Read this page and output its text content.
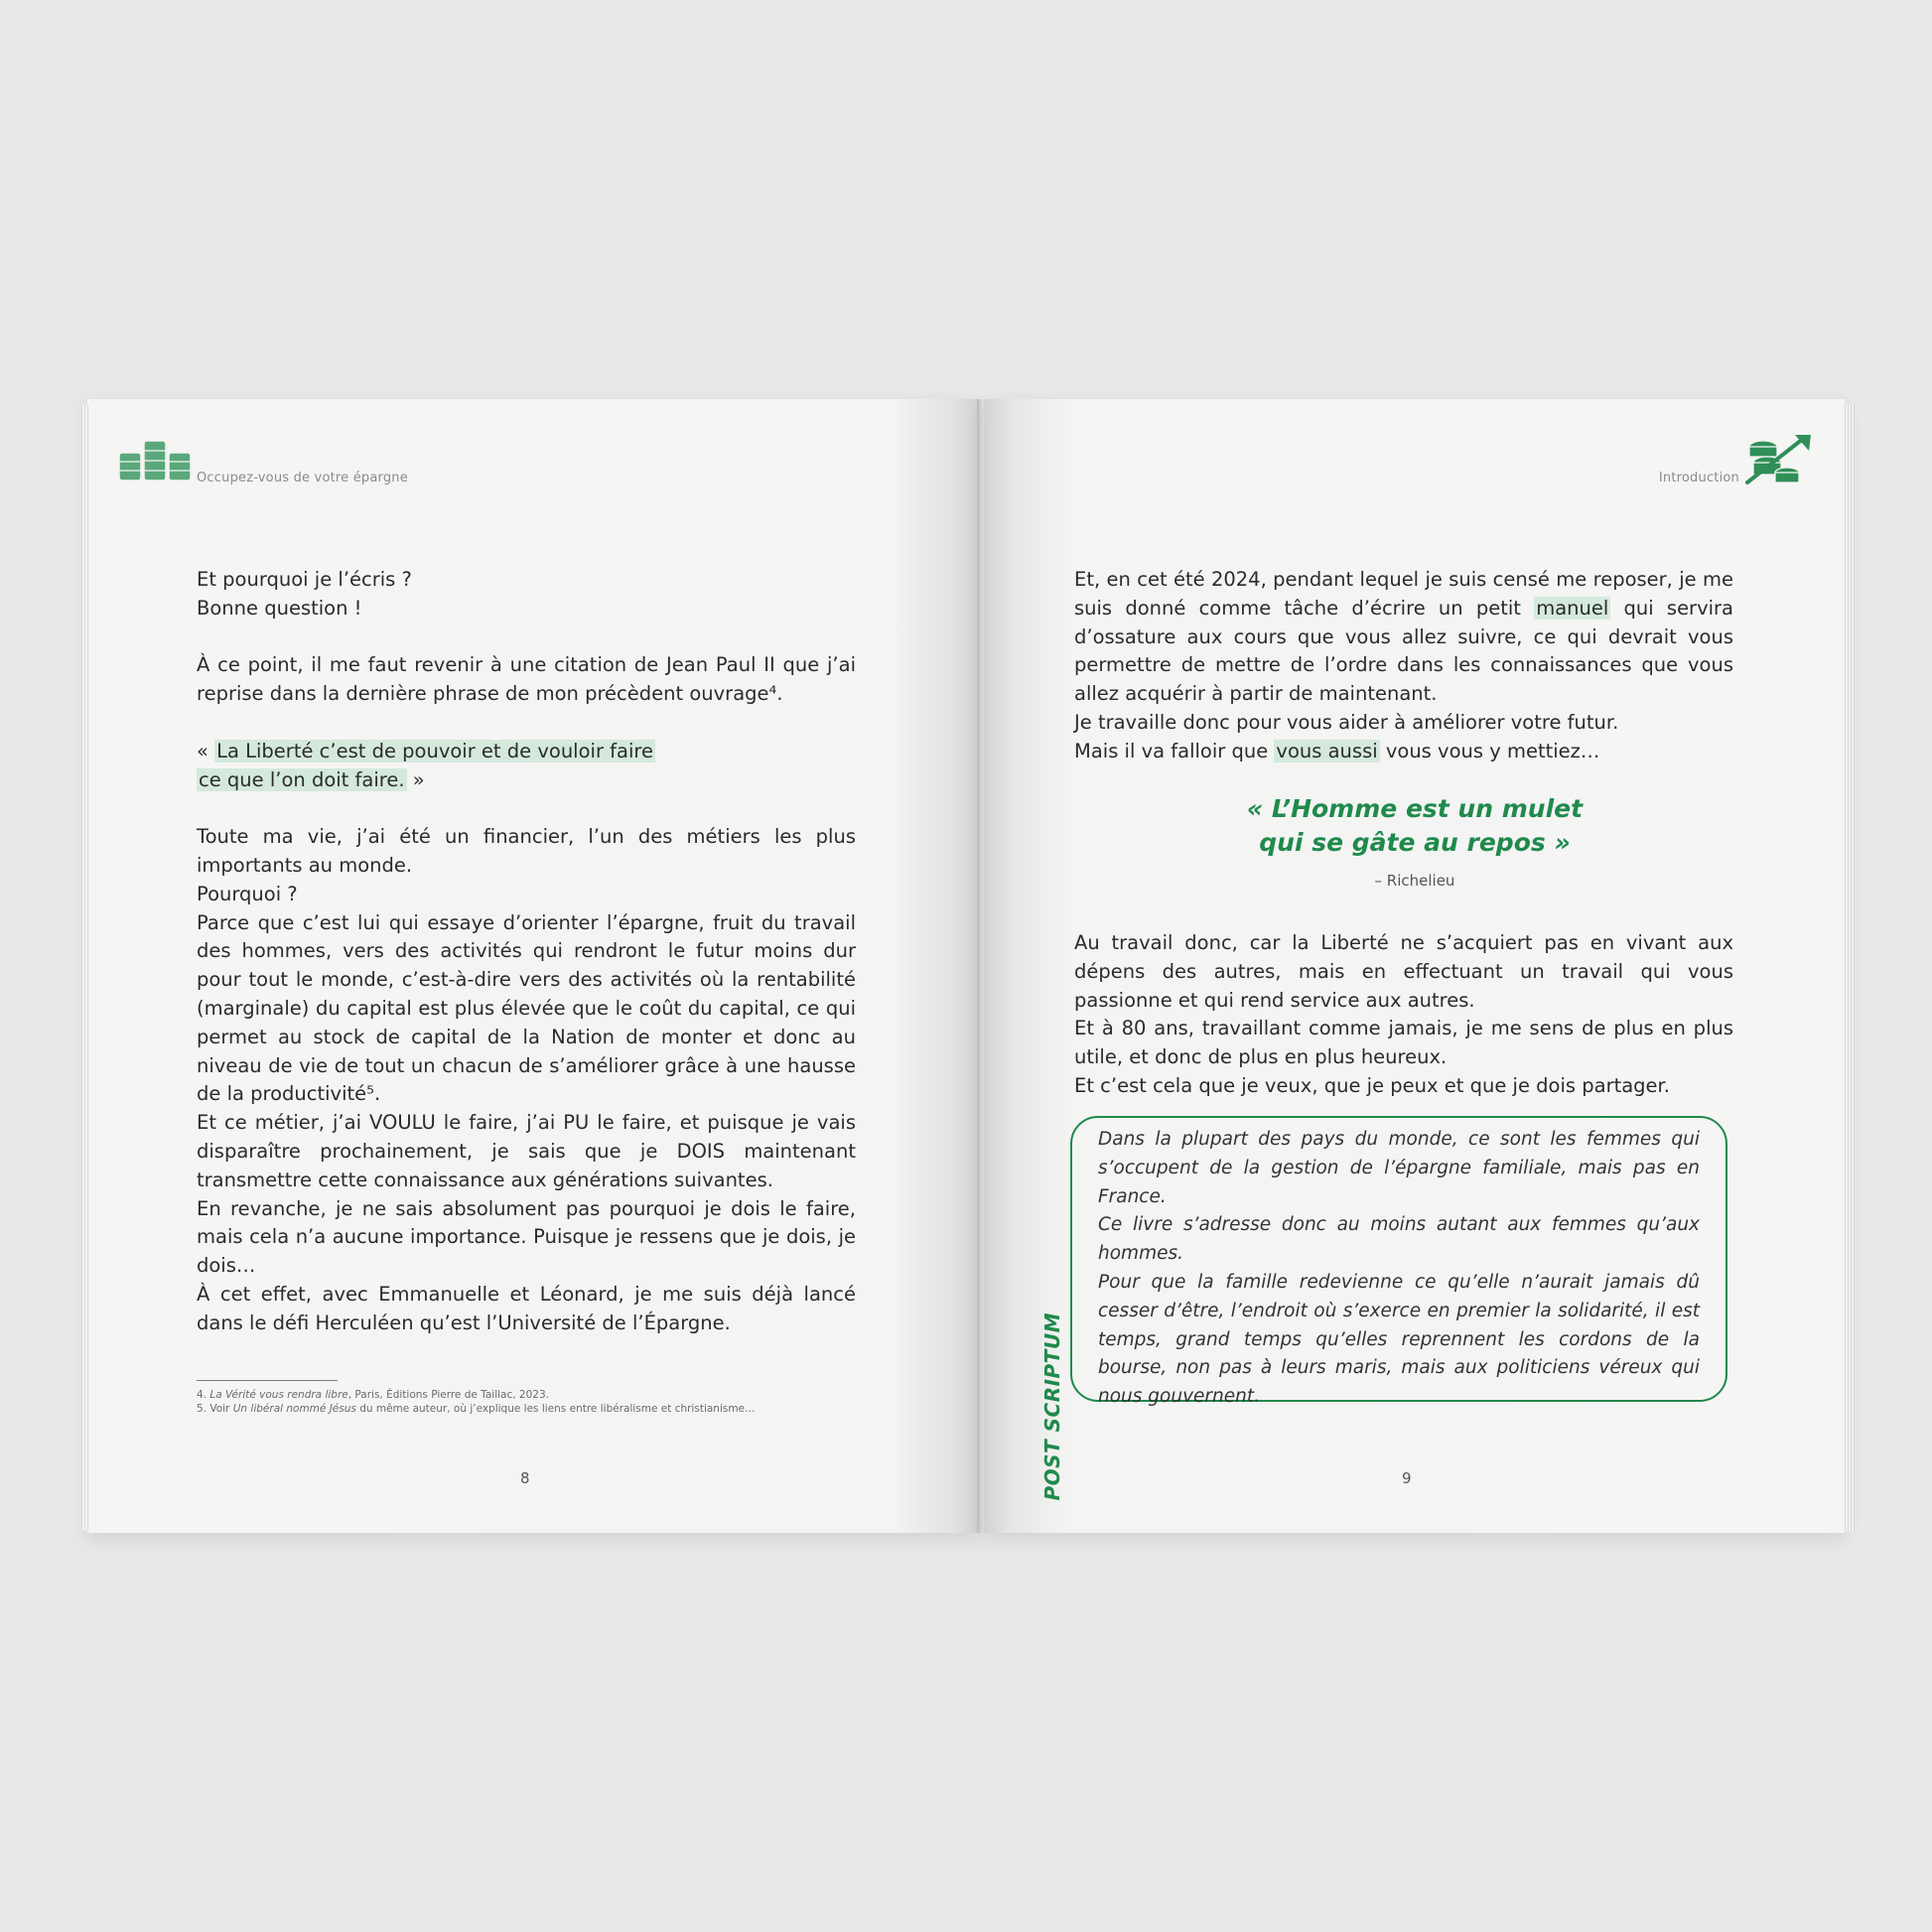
Occupez-vous de votre épargne

Et pourquoi je l’écris ?

Bonne question !

À ce point, il me faut revenir à une citation de Jean Paul II que j’ai reprise dans la dernière phrase de mon précèdent ouvrage⁴.

« La Liberté c’est de pouvoir et de vouloir faire
ce que l’on doit faire. »

Toute ma vie, j’ai été un financier, l’un des métiers les plus importants au monde.

Pourquoi ?

Parce que c’est lui qui essaye d’orienter l’épargne, fruit du travail des hommes, vers des activités qui rendront le futur moins dur pour tout le monde, c’est-à-dire vers des activités où la rentabilité (marginale) du capital est plus élevée que le coût du capital, ce qui permet au stock de capital de la Nation de monter et donc au niveau de vie de tout un chacun de s’améliorer grâce à une hausse de la productivité⁵.

Et ce métier, j’ai VOULU le faire, j’ai PU le faire, et puisque je vais disparaître prochainement, je sais que je DOIS maintenant transmettre cette connaissance aux générations suivantes.

En revanche, je ne sais absolument pas pourquoi je dois le faire, mais cela n’a aucune importance. Puisque je ressens que je dois, je dois…

À cet effet, avec Emmanuelle et Léonard, je me suis déjà lancé dans le défi Herculéen qu’est l’Université de l’Épargne.

4. La Vérité vous rendra libre, Paris, Éditions Pierre de Taillac, 2023.
5. Voir Un libéral nommé Jésus du même auteur, où j’explique les liens entre libéralisme et christianisme…
8
Introduction

Et, en cet été 2024, pendant lequel je suis censé me reposer, je me suis donné comme tâche d’écrire un petit manuel qui servira d’ossature aux cours que vous allez suivre, ce qui devrait vous permettre de mettre de l’ordre dans les connaissances que vous allez acquérir à partir de maintenant.

Je travaille donc pour vous aider à améliorer votre futur.

Mais il va falloir que vous aussi vous vous y mettiez…

« L’Homme est un mulet
qui se gâte au repos »
– Richelieu

Au travail donc, car la Liberté ne s’acquiert pas en vivant aux dépens des autres, mais en effectuant un travail qui vous passionne et qui rend service aux autres.

Et à 80 ans, travaillant comme jamais, je me sens de plus en plus utile, et donc de plus en plus heureux.

Et c’est cela que je veux, que je peux et que je dois partager.

POST SCRIPTUM

Dans la plupart des pays du monde, ce sont les femmes qui s’occupent de la gestion de l’épargne familiale, mais pas en France.

Ce livre s’adresse donc au moins autant aux femmes qu’aux hommes.

Pour que la famille redevienne ce qu’elle n’aurait jamais dû cesser d’être, l’endroit où s’exerce en premier la solidarité, il est temps, grand temps qu’elles reprennent les cordons de la bourse, non pas à leurs maris, mais aux politiciens véreux qui nous gouvernent.

9
